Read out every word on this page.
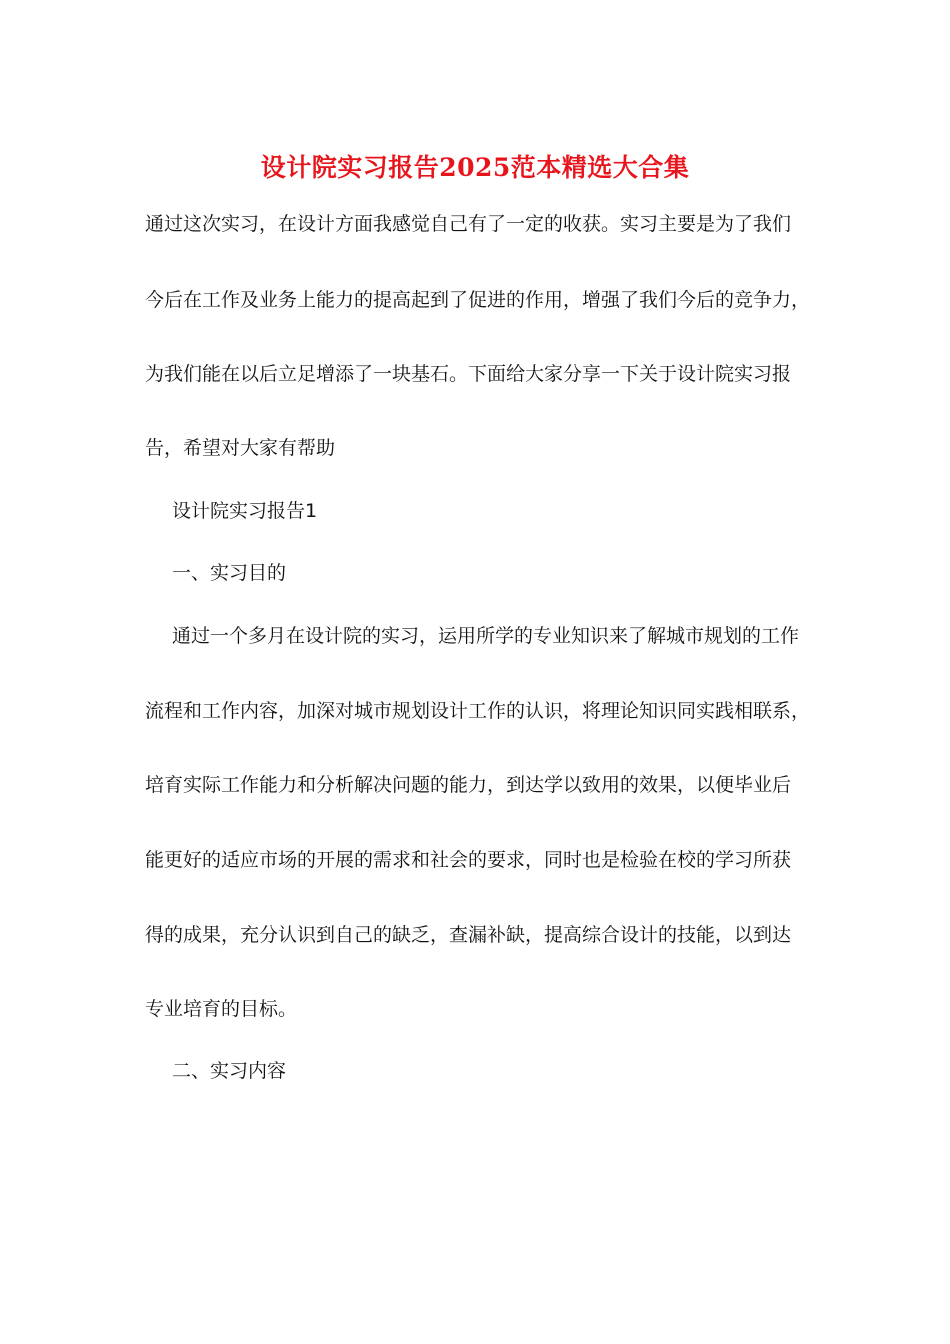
设计院实习报告2025范本精选大合集
通过这次实习，在设计方面我感觉自己有了一定的收获。实习主要是为了我们
今后在工作及业务上能力的提高起到了促进的作用，增强了我们今后的竞争力，
为我们能在以后立足增添了一块基石。下面给大家分享一下关于设计院实习报
告，希望对大家有帮助
设计院实习报告1
一、实习目的
通过一个多月在设计院的实习，运用所学的专业知识来了解城市规划的工作
流程和工作内容，加深对城市规划设计工作的认识，将理论知识同实践相联系，
培育实际工作能力和分析解决问题的能力，到达学以致用的效果，以便毕业后
能更好的适应市场的开展的需求和社会的要求，同时也是检验在校的学习所获
得的成果，充分认识到自己的缺乏，查漏补缺，提高综合设计的技能，以到达
专业培育的目标。
二、实习内容
